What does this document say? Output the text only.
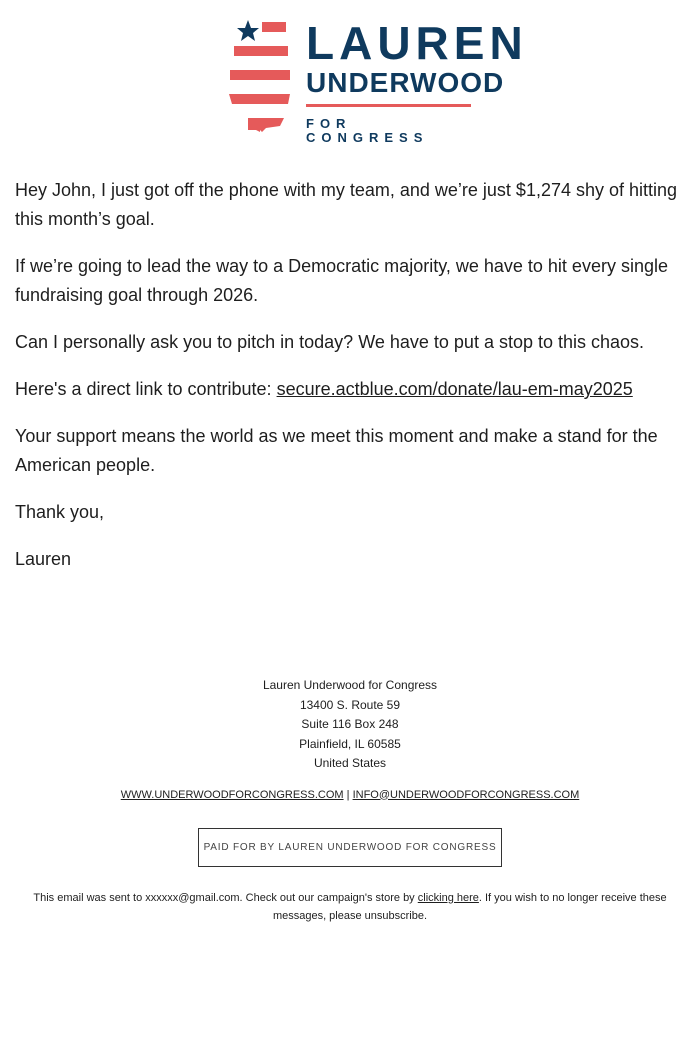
LAUREN
UNDERWOOD
FOR CONGRESS

Hey John, I just got off the phone with my team, and we’re just $1,274 shy of hitting this month’s goal.

If we’re going to lead the way to a Democratic majority, we have to hit every single fundraising goal through 2026.

Can I personally ask you to pitch in today? We have to put a stop to this chaos.

Here's a direct link to contribute: secure.actblue.com/donate/lau-em-may2025

Your support means the world as we meet this moment and make a stand for the American people.

Thank you,

Lauren

Lauren Underwood for Congress
13400 S. Route 59
Suite 116 Box 248
Plainfield, IL 60585
United States
WWW.UNDERWOODFORCONGRESS.COM | INFO@UNDERWOODFORCONGRESS.COM
PAID FOR BY LAUREN UNDERWOOD FOR CONGRESS
This email was sent to xxxxxx@gmail.com. Check out our campaign's store by clicking here. If you wish to no longer receive these messages, please unsubscribe.
